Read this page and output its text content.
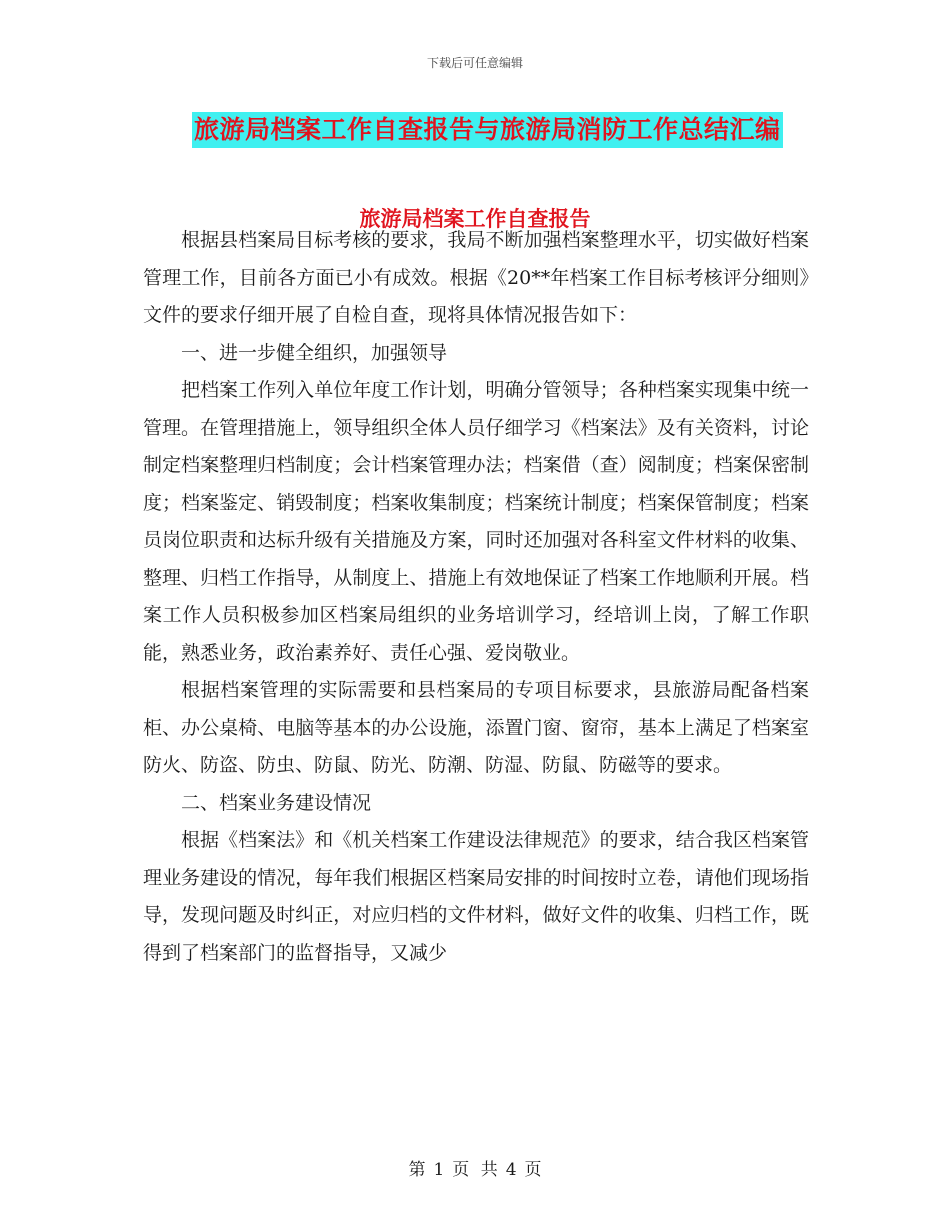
下载后可任意编辑
旅游局档案工作自查报告与旅游局消防工作总结汇编
旅游局档案工作自查报告

根据县档案局目标考核的要求，我局不断加强档案整理水平，切实做好档案管理工作，目前各方面已小有成效。根据《20**年档案工作目标考核评分细则》文件的要求仔细开展了自检自查，现将具体情况报告如下：

一、进一步健全组织，加强领导

把档案工作列入单位年度工作计划，明确分管领导；各种档案实现集中统一管理。在管理措施上，领导组织全体人员仔细学习《档案法》及有关资料，讨论制定档案整理归档制度；会计档案管理办法；档案借（查）阅制度；档案保密制度；档案鉴定、销毁制度；档案收集制度；档案统计制度；档案保管制度；档案员岗位职责和达标升级有关措施及方案，同时还加强对各科室文件材料的收集、整理、归档工作指导，从制度上、措施上有效地保证了档案工作地顺利开展。档案工作人员积极参加区档案局组织的业务培训学习，经培训上岗，了解工作职能，熟悉业务，政治素养好、责任心强、爱岗敬业。

根据档案管理的实际需要和县档案局的专项目标要求，县旅游局配备档案柜、办公桌椅、电脑等基本的办公设施，添置门窗、窗帘，基本上满足了档案室防火、防盗、防虫、防鼠、防光、防潮、防湿、防鼠、防磁等的要求。

二、档案业务建设情况

根据《档案法》和《机关档案工作建设法律规范》的要求，结合我区档案管理业务建设的情况，每年我们根据区档案局安排的时间按时立卷，请他们现场指导，发现问题及时纠正，对应归档的文件材料，做好文件的收集、归档工作，既得到了档案部门的监督指导，又减少

第 1 页 共 4 页
